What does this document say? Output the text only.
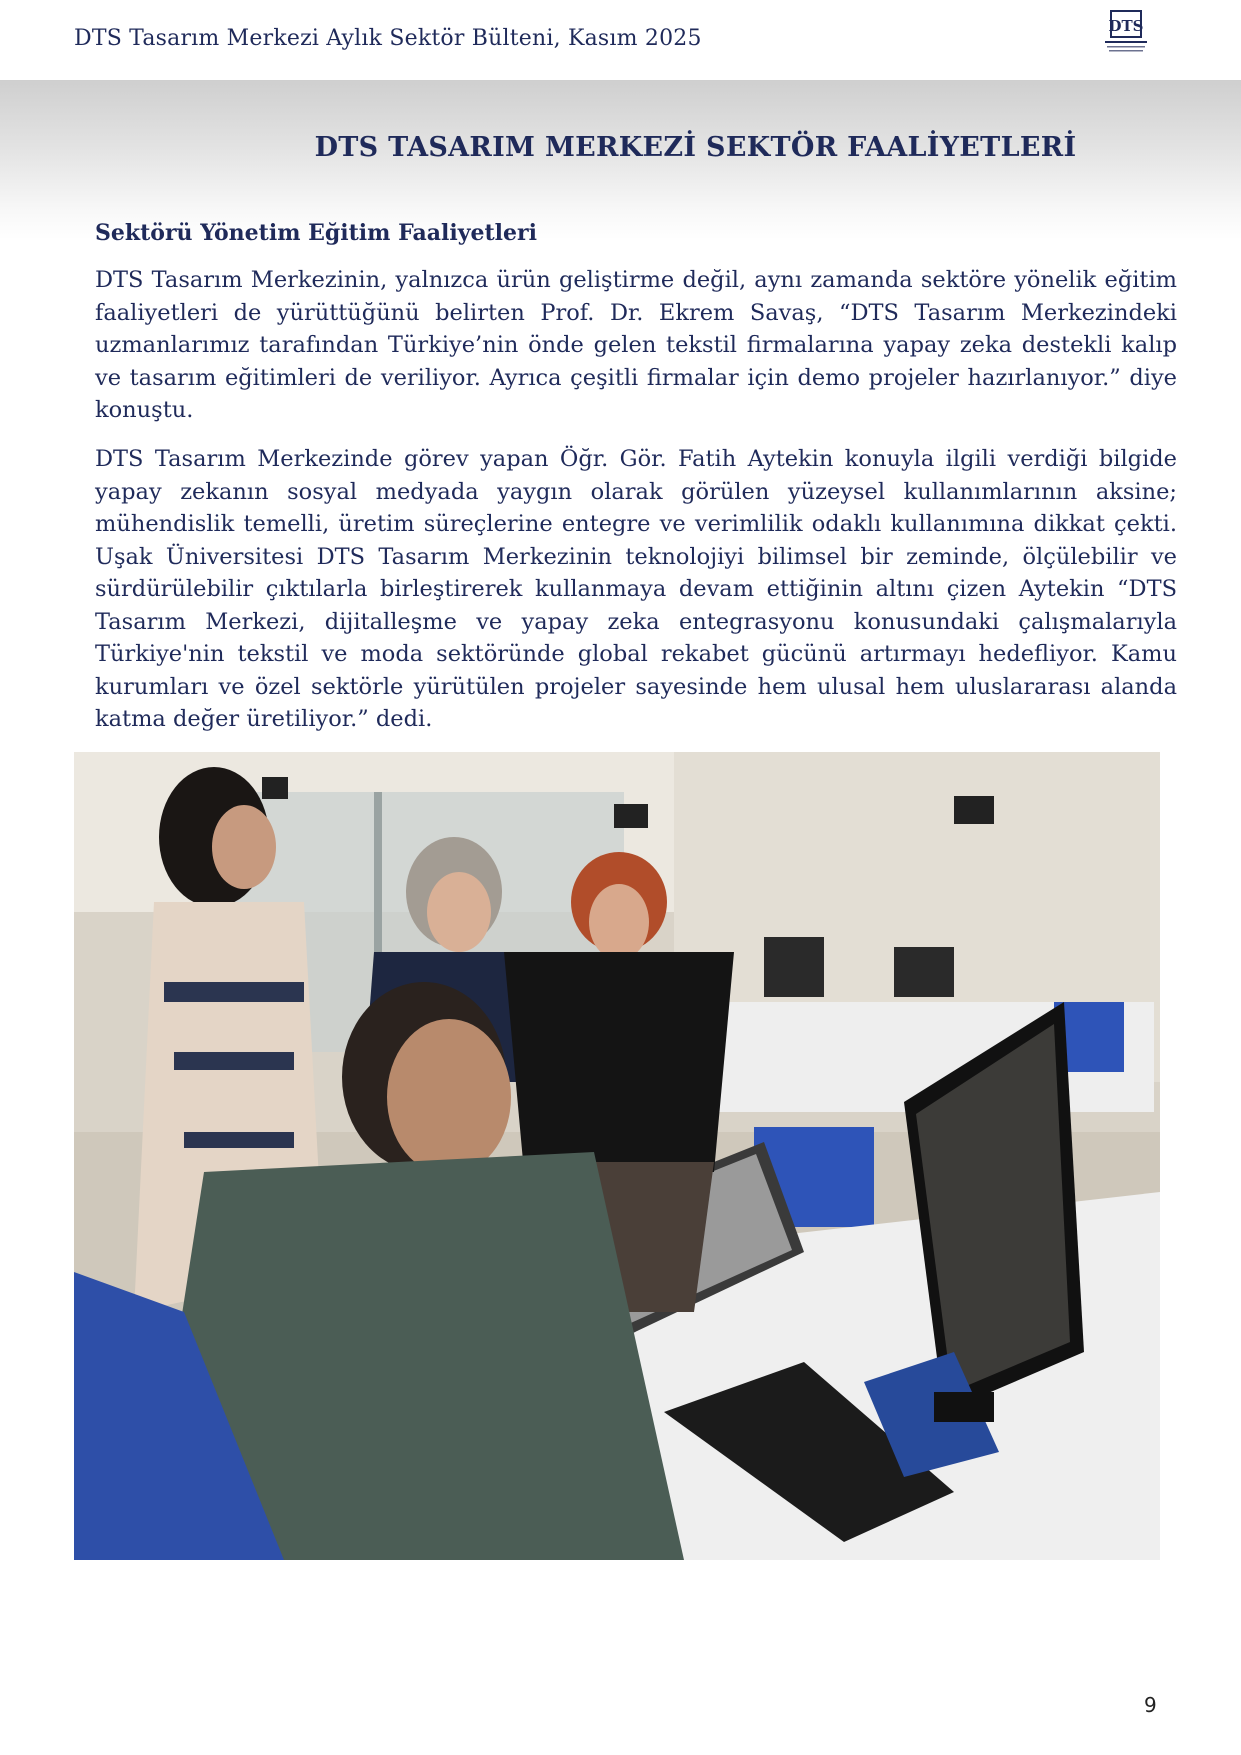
DTS Tasarım Merkezi Aylık Sektör Bülteni, Kasım 2025	DTS
DTS TASARIM MERKEZİ SEKTÖR FAALİYETLERİ
Sektörü Yönetim Eğitim Faaliyetleri

DTS Tasarım Merkezinin, yalnızca ürün geliştirme değil, aynı zamanda sektöre yönelik eğitim faaliyetleri de yürüttüğünü belirten Prof. Dr. Ekrem Savaş, “DTS Tasarım Merkezindeki uzmanlarımız tarafından Türkiye’nin önde gelen tekstil firmalarına yapay zeka destekli kalıp ve tasarım eğitimleri de veriliyor. Ayrıca çeşitli firmalar için demo projeler hazırlanıyor.” diye konuştu.

DTS Tasarım Merkezinde görev yapan Öğr. Gör. Fatih Aytekin konuyla ilgili verdiği bilgide yapay zekanın sosyal medyada yaygın olarak görülen yüzeysel kullanımlarının aksine; mühendislik temelli, üretim süreçlerine entegre ve verimlilik odaklı kullanımına dikkat çekti. Uşak Üniversitesi DTS Tasarım Merkezinin teknolojiyi bilimsel bir zeminde, ölçülebilir ve sürdürülebilir çıktılarla birleştirerek kullanmaya devam ettiğinin altını çizen Aytekin “DTS Tasarım Merkezi, dijitalleşme ve yapay zeka entegrasyonu konusundaki çalışmalarıyla Türkiye'nin tekstil ve moda sektöründe global rekabet gücünü artırmayı hedefliyor. Kamu kurumları ve özel sektörle yürütülen projeler sayesinde hem ulusal hem uluslararası alanda katma değer üretiliyor.” dedi.

9
